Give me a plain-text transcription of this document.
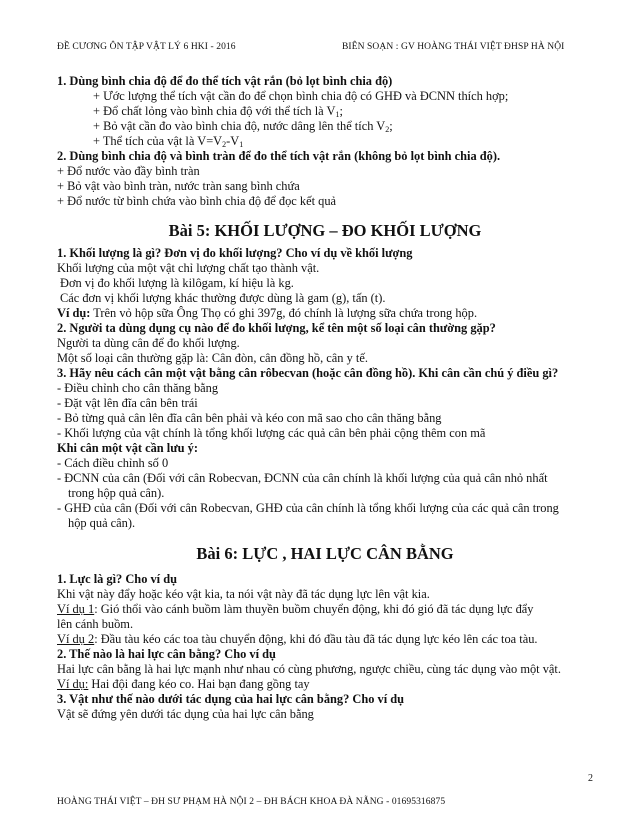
ĐỀ CƯƠNG ÔN TẬP VẬT LÝ 6 HKI - 2016	BIÊN SOẠN : GV HOÀNG THÁI VIỆT ĐHSP HÀ NỘI
1. Dùng bình chia độ để đo thể tích vật rắn (bỏ lọt bình chia độ)
+ Ước lượng thể tích vật cần đo để chọn bình chia độ có GHĐ và ĐCNN thích hợp;
+ Đổ chất lỏng vào bình chia độ với thể tích là $V_1$;
+ Bỏ vật cần đo vào bình chia độ, nước dâng lên thể tích $V_2$;
+ Thể tích của vật là $V=V_2-V_1$
2. Dùng bình chia độ và bình tràn để đo thể tích vật rắn (không bỏ lọt bình chia độ).
+ Đổ nước vào đầy bình tràn
+ Bỏ vật vào bình tràn, nước tràn sang bình chứa
+ Đổ nước từ bình chứa vào bình chia độ để đọc kết quả
Bài 5: KHỐI LƯỢNG – ĐO KHỐI LƯỢNG
1. Khối lượng là gì? Đơn vị đo khối lượng? Cho ví dụ về khối lượng
Khối lượng của một vật chỉ lượng chất tạo thành vật.
Đơn vị đo khối lượng là kilôgam, kí hiệu là kg.
Các đơn vị khối lượng khác thường được dùng là gam (g), tấn (t).
Ví dụ: Trên vỏ hộp sữa Ông Thọ có ghi 397g, đó chính là lượng sữa chứa trong hộp.
2. Người ta dùng dụng cụ nào để đo khối lượng, kể tên một số loại cân thường gặp?
Người ta dùng cân để đo khối lượng.
Một số loại cân thường gặp là: Cân đòn, cân đồng hồ, cân y tế.
3. Hãy nêu cách cân một vật bằng cân rôbecvan (hoặc cân đồng hồ). Khi cân cần chú ý điều gì?
- Điều chỉnh cho cân thăng bằng
- Đặt vật lên đĩa cân bên trái
- Bỏ từng quả cân lên đĩa cân bên phải và kéo con mã sao cho cân thăng bằng
- Khối lượng của vật chính là tổng khối lượng các quả cân bên phải cộng thêm con mã
Khi cân một vật cần lưu ý:
- Cách điều chỉnh số 0
- ĐCNN của cân (Đối với cân Robecvan, ĐCNN của cân chính là khối lượng của quả cân nhỏ nhất
trong hộp quả cân).
- GHĐ của cân (Đối với cân Robecvan, GHĐ của cân chính là tổng khối lượng của các quả cân trong
hộp quả cân).
Bài 6: LỰC , HAI LỰC CÂN BẰNG
1. Lực là gì? Cho ví dụ
Khi vật này đẩy hoặc kéo vật kia, ta nói vật này đã tác dụng lực lên vật kia.
Ví dụ 1: Gió thổi vào cánh buồm làm thuyền buồm chuyển động, khi đó gió đã tác dụng lực đẩy
lên cánh buồm.
Ví dụ 2: Đầu tàu kéo các toa tàu chuyển động, khi đó đầu tàu đã tác dụng lực kéo lên các toa tàu.
2. Thế nào là hai lực cân bằng? Cho ví dụ
Hai lực cân bằng là hai lực mạnh như nhau có cùng phương, ngược chiều, cùng tác dụng vào một vật.
Ví dụ: Hai đội đang kéo co. Hai bạn đang gồng tay
3. Vật như thế nào dưới tác dụng của hai lực cân bằng? Cho ví dụ
Vật sẽ đứng yên dưới tác dụng của hai lực cân bằng
2
HOÀNG THÁI VIỆT – ĐH SƯ PHẠM HÀ NỘI 2 – ĐH BÁCH KHOA ĐÀ NẴNG - 01695316875
